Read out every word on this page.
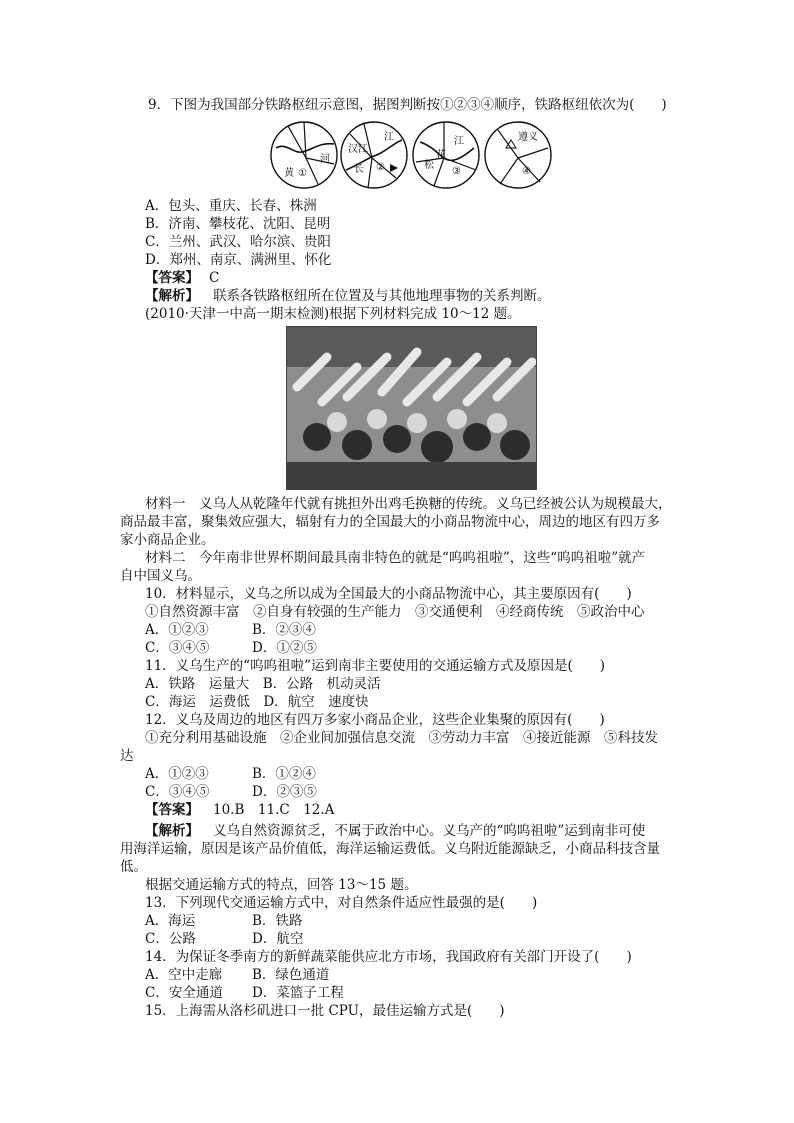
9．下图为我国部分铁路枢纽示意图，据图判断按①②③④顺序，铁路枢纽依次为(　　)
河
黄 ①
汉江
江
长 ②
江
松
花
③
遵义
④
A．包头、重庆、长春、株洲
B．济南、攀枝花、沈阳、昆明
C．兰州、武汉、哈尔滨、贵阳
D．郑州、南京、满洲里、怀化
【答案】 C
【解析】 联系各铁路枢纽所在位置及与其他地理事物的关系判断。
(2010·天津一中高一期末检测)根据下列材料完成 10～12 题。
材料一　义乌人从乾隆年代就有挑担外出鸡毛换糖的传统。义乌已经被公认为规模最大，
商品最丰富，聚集效应强大，辐射有力的全国最大的小商品物流中心，周边的地区有四万多
家小商品企业。
材料二　今年南非世界杯期间最具南非特色的就是“呜呜祖啦”，这些“呜呜祖啦”就产
自中国义乌。
10．材料显示，义乌之所以成为全国最大的小商品物流中心，其主要原因有(　　)
①自然资源丰富　②自身有较强的生产能力　③交通便利　④经商传统　⑤政治中心
A．①②③	B．②③④
C．③④⑤	D．①②⑤
11．义乌生产的“呜呜祖啦”运到南非主要使用的交通运输方式及原因是(　　)
A．铁路　运量大　B．公路　机动灵活
C．海运　运费低　D．航空　速度快
12．义乌及周边的地区有四万多家小商品企业，这些企业集聚的原因有(　　)
①充分利用基础设施　②企业间加强信息交流　③劳动力丰富　④接近能源　⑤科技发
达
A．①②③	B．①②④
C．③④⑤	D．②③⑤
【答案】 10.B　11.C　12.A
【解析】 义乌自然资源贫乏，不属于政治中心。义乌产的“呜呜祖啦”运到南非可使
用海洋运输，原因是该产品价值低，海洋运输运费低。义乌附近能源缺乏，小商品科技含量
低。
根据交通运输方式的特点，回答 13～15 题。
13．下列现代交通运输方式中，对自然条件适应性最强的是(　　)
A．海运	B．铁路
C．公路	D．航空
14．为保证冬季南方的新鲜蔬菜能供应北方市场，我国政府有关部门开设了(　　)
A．空中走廊 B．绿色通道
C．安全通道 D．菜篮子工程
15．上海需从洛杉矶进口一批 CPU，最佳运输方式是(　　)
